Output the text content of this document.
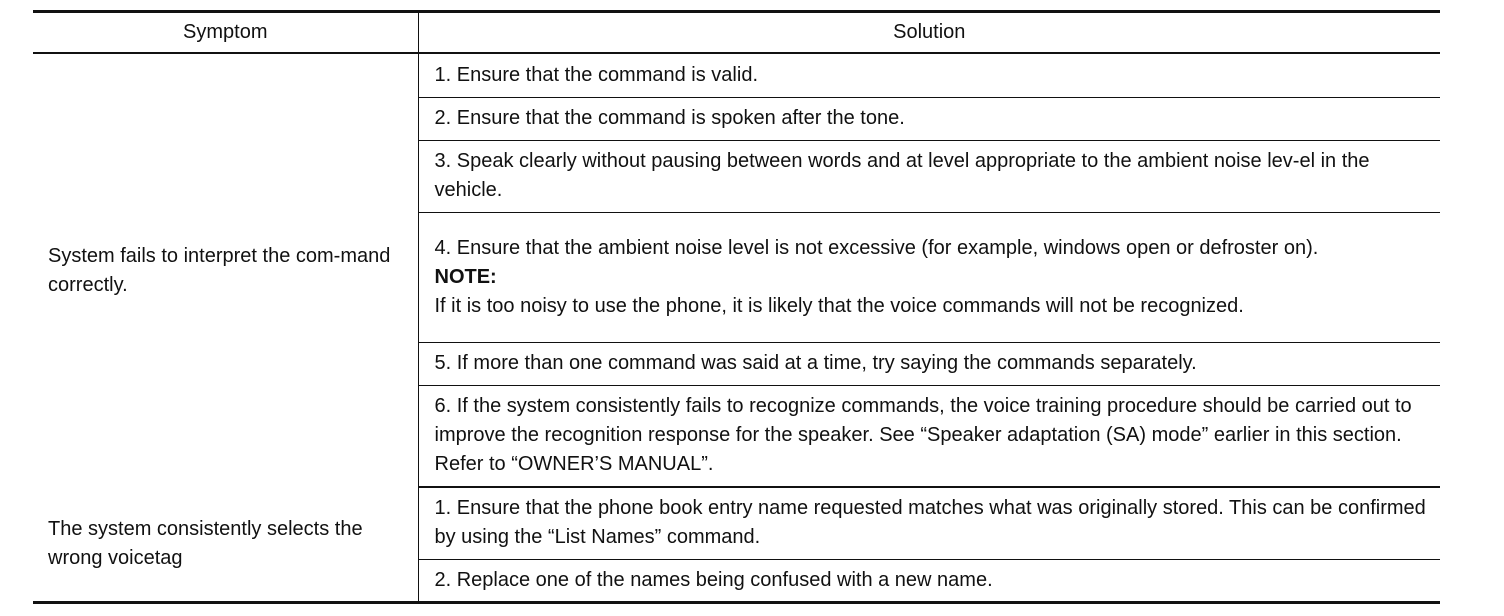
Symptom	Solution
System fails to interpret the com-mand correctly.	1. Ensure that the command is valid.
	2. Ensure that the command is spoken after the tone.
	3. Speak clearly without pausing between words and at level appropriate to the ambient noise lev-el in the vehicle.

	4. Ensure that the ambient noise level is not excessive (for example, windows open or defroster on).
NOTE:
If it is too noisy to use the phone, it is likely that the voice commands will not be recognized.

	5. If more than one command was said at a time, try saying the commands separately.
	6. If the system consistently fails to recognize commands, the voice training procedure should be carried out to improve the recognition response for the speaker. See “Speaker adaptation (SA) mode” earlier in this section. Refer to “OWNER’S MANUAL”.
The system consistently selects the wrong voicetag	1. Ensure that the phone book entry name requested matches what was originally stored. This can be confirmed by using the “List Names” command.
	2. Replace one of the names being confused with a new name.
